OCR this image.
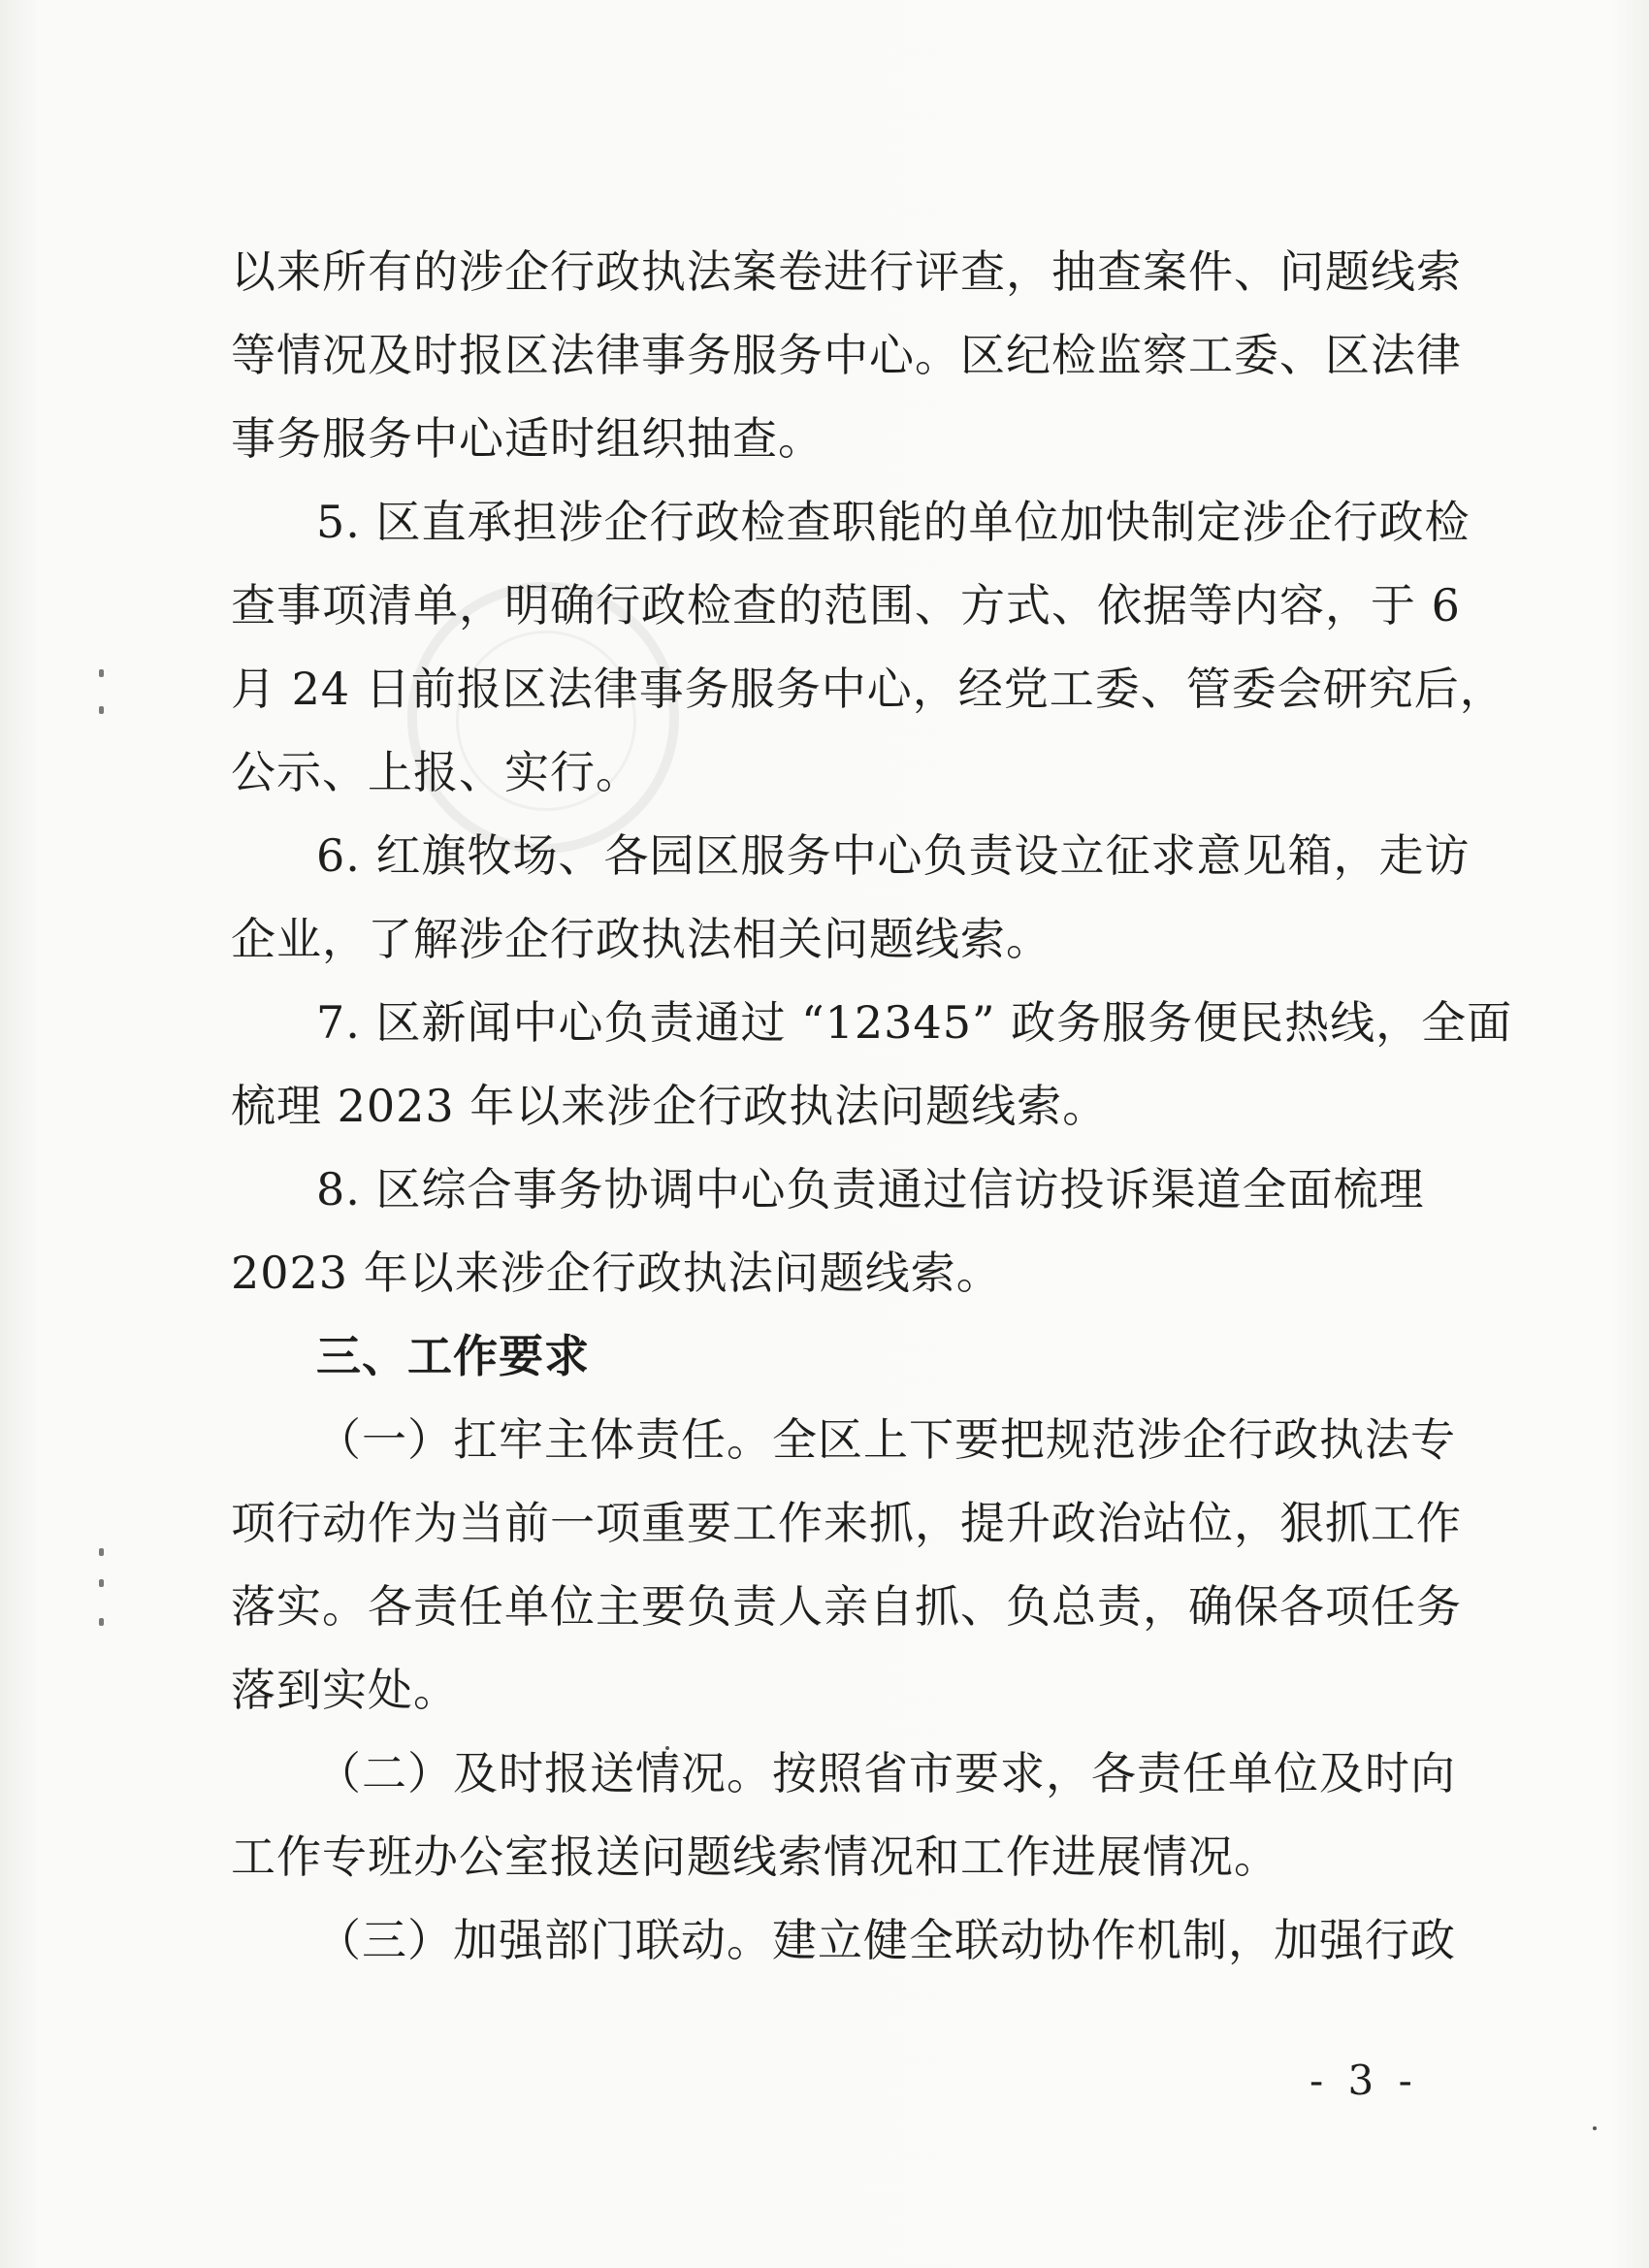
以来所有的涉企行政执法案卷进行评查，抽查案件、问题线索
等情况及时报区法律事务服务中心。区纪检监察工委、区法律
事务服务中心适时组织抽查。
5. 区直承担涉企行政检查职能的单位加快制定涉企行政检
查事项清单，明确行政检查的范围、方式、依据等内容，于 6
月 24 日前报区法律事务服务中心，经党工委、管委会研究后，
公示、上报、实行。
6. 红旗牧场、各园区服务中心负责设立征求意见箱，走访
企业，了解涉企行政执法相关问题线索。
7. 区新闻中心负责通过 “12345” 政务服务便民热线，全面
梳理 2023 年以来涉企行政执法问题线索。
8. 区综合事务协调中心负责通过信访投诉渠道全面梳理
2023 年以来涉企行政执法问题线索。
三、工作要求
（一）扛牢主体责任。全区上下要把规范涉企行政执法专
项行动作为当前一项重要工作来抓，提升政治站位，狠抓工作
落实。各责任单位主要负责人亲自抓、负总责，确保各项任务
落到实处。
（二）及时报送情况。按照省市要求，各责任单位及时向
工作专班办公室报送问题线索情况和工作进展情况。
（三）加强部门联动。建立健全联动协作机制，加强行政
- 3 -
